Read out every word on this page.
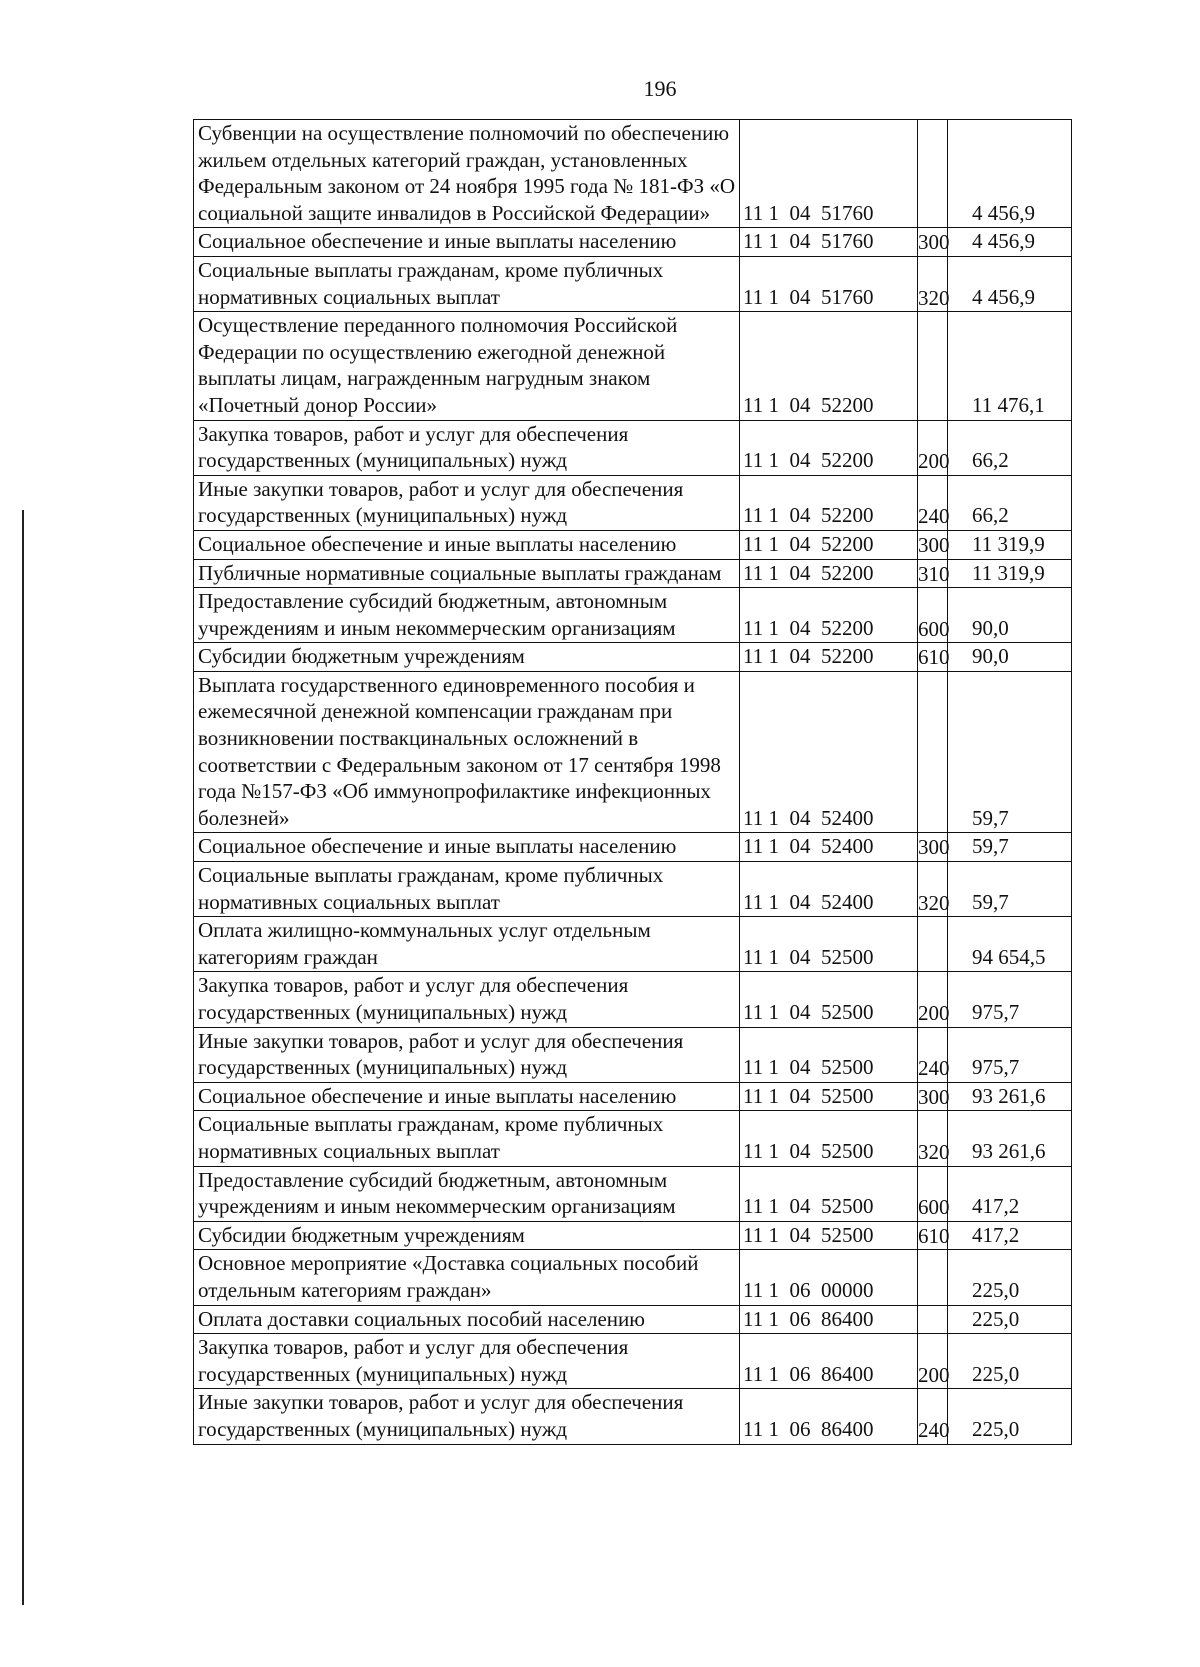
196
Субвенции на осуществление полномочий по обеспечению жильем отдельных категорий граждан, установленных Федеральным законом от 24 ноября 1995 года № 181-ФЗ «О социальной защите инвалидов в Российской Федерации»	11 1  04  51760		4 456,9
Социальное обеспечение и иные выплаты населению	11 1  04  51760	300	4 456,9
Социальные выплаты гражданам, кроме публичных нормативных социальных выплат	11 1  04  51760	320	4 456,9
Осуществление переданного полномочия Российской Федерации по осуществлению ежегодной денежной выплаты лицам, награжденным нагрудным знаком «Почетный донор России»	11 1  04  52200		11 476,1
Закупка товаров, работ и услуг для обеспечения государственных (муниципальных) нужд	11 1  04  52200	200	66,2
Иные закупки товаров, работ и услуг для обеспечения государственных (муниципальных) нужд	11 1  04  52200	240	66,2
Социальное обеспечение и иные выплаты населению	11 1  04  52200	300	11 319,9
Публичные нормативные социальные выплаты гражданам	11 1  04  52200	310	11 319,9
Предоставление субсидий бюджетным, автономным учреждениям и иным некоммерческим организациям	11 1  04  52200	600	90,0
Субсидии бюджетным учреждениям	11 1  04  52200	610	90,0
Выплата государственного единовременного пособия и ежемесячной денежной компенсации гражданам при возникновении поствакцинальных осложнений в соответствии с Федеральным законом от 17 сентября 1998 года №157-ФЗ «Об иммунопрофилактике инфекционных болезней»	11 1  04  52400		59,7
Социальное обеспечение и иные выплаты населению	11 1  04  52400	300	59,7
Социальные выплаты гражданам, кроме публичных нормативных социальных выплат	11 1  04  52400	320	59,7
Оплата жилищно-коммунальных услуг отдельным категориям граждан	11 1  04  52500		94 654,5
Закупка товаров, работ и услуг для обеспечения государственных (муниципальных) нужд	11 1  04  52500	200	975,7
Иные закупки товаров, работ и услуг для обеспечения государственных (муниципальных) нужд	11 1  04  52500	240	975,7
Социальное обеспечение и иные выплаты населению	11 1  04  52500	300	93 261,6
Социальные выплаты гражданам, кроме публичных нормативных социальных выплат	11 1  04  52500	320	93 261,6
Предоставление субсидий бюджетным, автономным учреждениям и иным некоммерческим организациям	11 1  04  52500	600	417,2
Субсидии бюджетным учреждениям	11 1  04  52500	610	417,2
Основное мероприятие «Доставка социальных пособий отдельным категориям граждан»	11 1  06  00000		225,0
Оплата доставки социальных пособий населению	11 1  06  86400		225,0
Закупка товаров, работ и услуг для обеспечения государственных (муниципальных) нужд	11 1  06  86400	200	225,0
Иные закупки товаров, работ и услуг для обеспечения государственных (муниципальных) нужд	11 1  06  86400	240	225,0
